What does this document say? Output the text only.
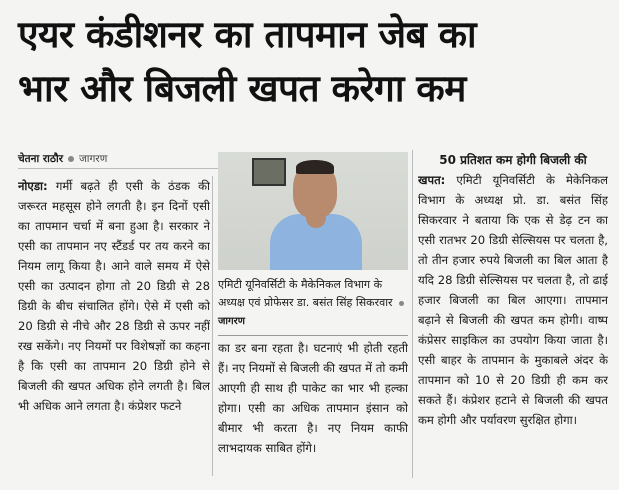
एयर कंडीशनर का तापमान जेब का
भार और बिजली खपत करेगा कम
चेतना राठौर जागरण
नोएडा: गर्मी बढ़ते ही एसी के ठंडक की जरूरत महसूस होने लगती है। इन दिनों एसी का तापमान चर्चा में बना हुआ है। सरकार ने एसी का तापमान नए स्टैंडर्ड पर तय करने का नियम लागू किया है। आने वाले समय में ऐसे एसी का उत्पादन होगा तो 20 डिग्री से 28 डिग्री के बीच संचालित होंगे। ऐसे में एसी को 20 डिग्री से नीचे और 28 डिग्री से ऊपर नहीं रख सकेंगे। नए नियमों पर विशेषज्ञों का कहना है कि एसी का तापमान 20 डिग्री होने से बिजली की खपत अधिक होने लगती है। बिल भी अधिक आने लगता है। कंप्रेशर फटने
एमिटी यूनिवर्सिटी के मैकेनिकल विभाग के अध्यक्ष एवं प्रोफेसर डा. बसंत सिंह सिकरवार  जागरण
का डर बना रहता है। घटनाएं भी होती रहती हैं। नए नियमों से बिजली की खपत में तो कमी आएगी ही साथ ही पाकेट का भार भी हल्का होगा। एसी का अधिक तापमान इंसान को बीमार भी करता है। नए नियम काफी लाभदायक साबित होंगे।
50 प्रतिशत कम होगी बिजली की
खपत: एमिटी यूनिवर्सिटी के मेकेनिकल विभाग के अध्यक्ष प्रो. डा. बसंत सिंह सिकरवार ने बताया कि एक से डेढ़ टन का एसी रातभर 20 डिग्री सेल्सियस पर चलता है, तो तीन हजार रुपये बिजली का बिल आता है यदि 28 डिग्री सेल्सियस पर चलता है, तो ढाई हजार बिजली का बिल आएगा। तापमान बढ़ाने से बिजली की खपत कम होगी। वाष्प कंप्रेसर साइकिल का उपयोग किया जाता है। एसी बाहर के तापमान के मुकाबले अंदर के तापमान को 10 से 20 डिग्री ही कम कर सकते हैं। कंप्रेशर हटाने से बिजली की खपत कम होगी और पर्यावरण सुरक्षित होगा।
